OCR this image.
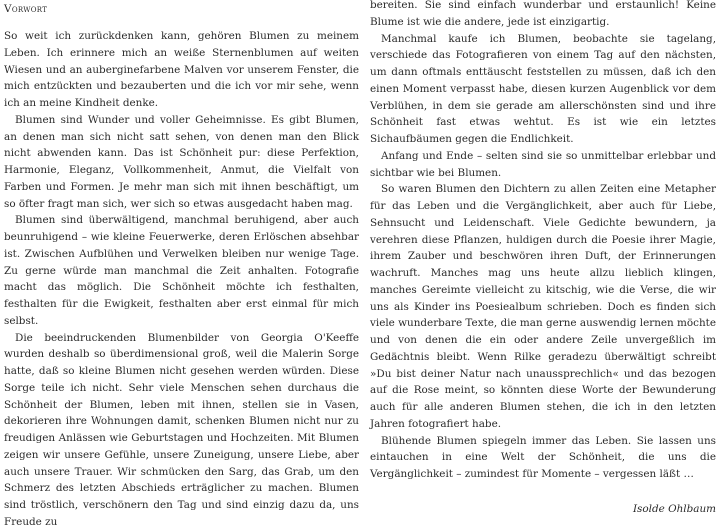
Vorwort

So weit ich zurückdenken kann, gehören Blumen zu meinem Leben. Ich erinnere mich an weiße Sternenblumen auf weiten Wiesen und an auberginefarbene Malven vor unserem Fenster, die mich entzückten und bezauberten und die ich vor mir sehe, wenn ich an meine Kindheit denke.

Blumen sind Wunder und voller Geheimnisse. Es gibt Blumen, an denen man sich nicht satt sehen, von denen man den Blick nicht abwenden kann. Das ist Schönheit pur: diese Perfektion, Harmonie, Eleganz, Vollkommenheit, Anmut, die Vielfalt von Farben und Formen. Je mehr man sich mit ihnen beschäftigt, um so öfter fragt man sich, wer sich so etwas ausgedacht haben mag.

Blumen sind überwältigend, manchmal beruhigend, aber auch beunruhigend – wie kleine Feuerwerke, deren Erlöschen absehbar ist. Zwischen Aufblühen und Verwelken bleiben nur wenige Tage. Zu gerne würde man manchmal die Zeit anhalten. Fotografie macht das möglich. Die Schönheit möchte ich festhalten, festhalten für die Ewigkeit, festhalten aber erst einmal für mich selbst.

Die beeindruckenden Blumenbilder von Georgia O'Keeffe wurden deshalb so überdimensional groß, weil die Malerin Sorge hatte, daß so kleine Blumen nicht gesehen werden würden. Diese Sorge teile ich nicht. Sehr viele Menschen sehen durchaus die Schönheit der Blumen, leben mit ihnen, stellen sie in Vasen, dekorieren ihre Wohnungen damit, schenken Blumen nicht nur zu freudigen Anlässen wie Geburtstagen und Hochzeiten. Mit Blumen zeigen wir unsere Gefühle, unsere Zuneigung, unsere Liebe, aber auch unsere Trauer. Wir schmücken den Sarg, das Grab, um den Schmerz des letzten Abschieds erträglicher zu machen. Blumen sind tröstlich, verschönern den Tag und sind einzig dazu da, uns Freude zu

bereiten. Sie sind einfach wunderbar und erstaunlich! Keine Blume ist wie die andere, jede ist einzigartig.

Manchmal kaufe ich Blumen, beobachte sie tagelang, verschiede das Fotografieren von einem Tag auf den nächsten, um dann oftmals enttäuscht feststellen zu müssen, daß ich den einen Moment verpasst habe, diesen kurzen Augenblick vor dem Verblühen, in dem sie gerade am allerschönsten sind und ihre Schönheit fast etwas wehtut. Es ist wie ein letztes Sichaufbäumen gegen die Endlichkeit.

Anfang und Ende – selten sind sie so unmittelbar erlebbar und sichtbar wie bei Blumen.

So waren Blumen den Dichtern zu allen Zeiten eine Metapher für das Leben und die Vergänglichkeit, aber auch für Liebe, Sehnsucht und Leidenschaft. Viele Gedichte bewundern, ja verehren diese Pflanzen, huldigen durch die Poesie ihrer Magie, ihrem Zauber und beschwören ihren Duft, der Erinnerungen wachruft. Manches mag uns heute allzu lieblich klingen, manches Gereimte vielleicht zu kitschig, wie die Verse, die wir uns als Kinder ins Poesiealbum schrieben. Doch es finden sich viele wunderbare Texte, die man gerne auswendig lernen möchte und von denen die ein oder andere Zeile unvergeßlich im Gedächtnis bleibt. Wenn Rilke geradezu überwältigt schreibt »Du bist deiner Natur nach unaussprechlich« und das bezogen auf die Rose meint, so könnten diese Worte der Bewunderung auch für alle anderen Blumen stehen, die ich in den letzten Jahren fotografiert habe.

Blühende Blumen spiegeln immer das Leben. Sie lassen uns eintauchen in eine Welt der Schönheit, die uns die Vergänglichkeit – zumindest für Momente – vergessen läßt …

Isolde Ohlbaum
